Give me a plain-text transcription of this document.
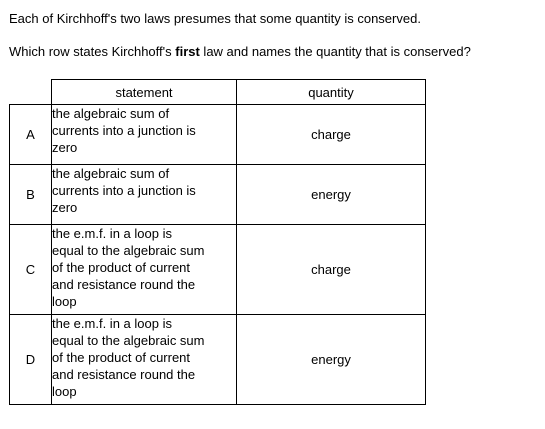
Each of Kirchhoff's two laws presumes that some quantity is conserved.

Which row states Kirchhoff's first law and names the quantity that is conserved?

	statement	quantity
A	the algebraic sum of
currents into a junction is
zero	charge
B	the algebraic sum of
currents into a junction is
zero	energy
C	the e.m.f. in a loop is
equal to the algebraic sum
of the product of current
and resistance round the
loop	charge
D	the e.m.f. in a loop is
equal to the algebraic sum
of the product of current
and resistance round the
loop	energy
